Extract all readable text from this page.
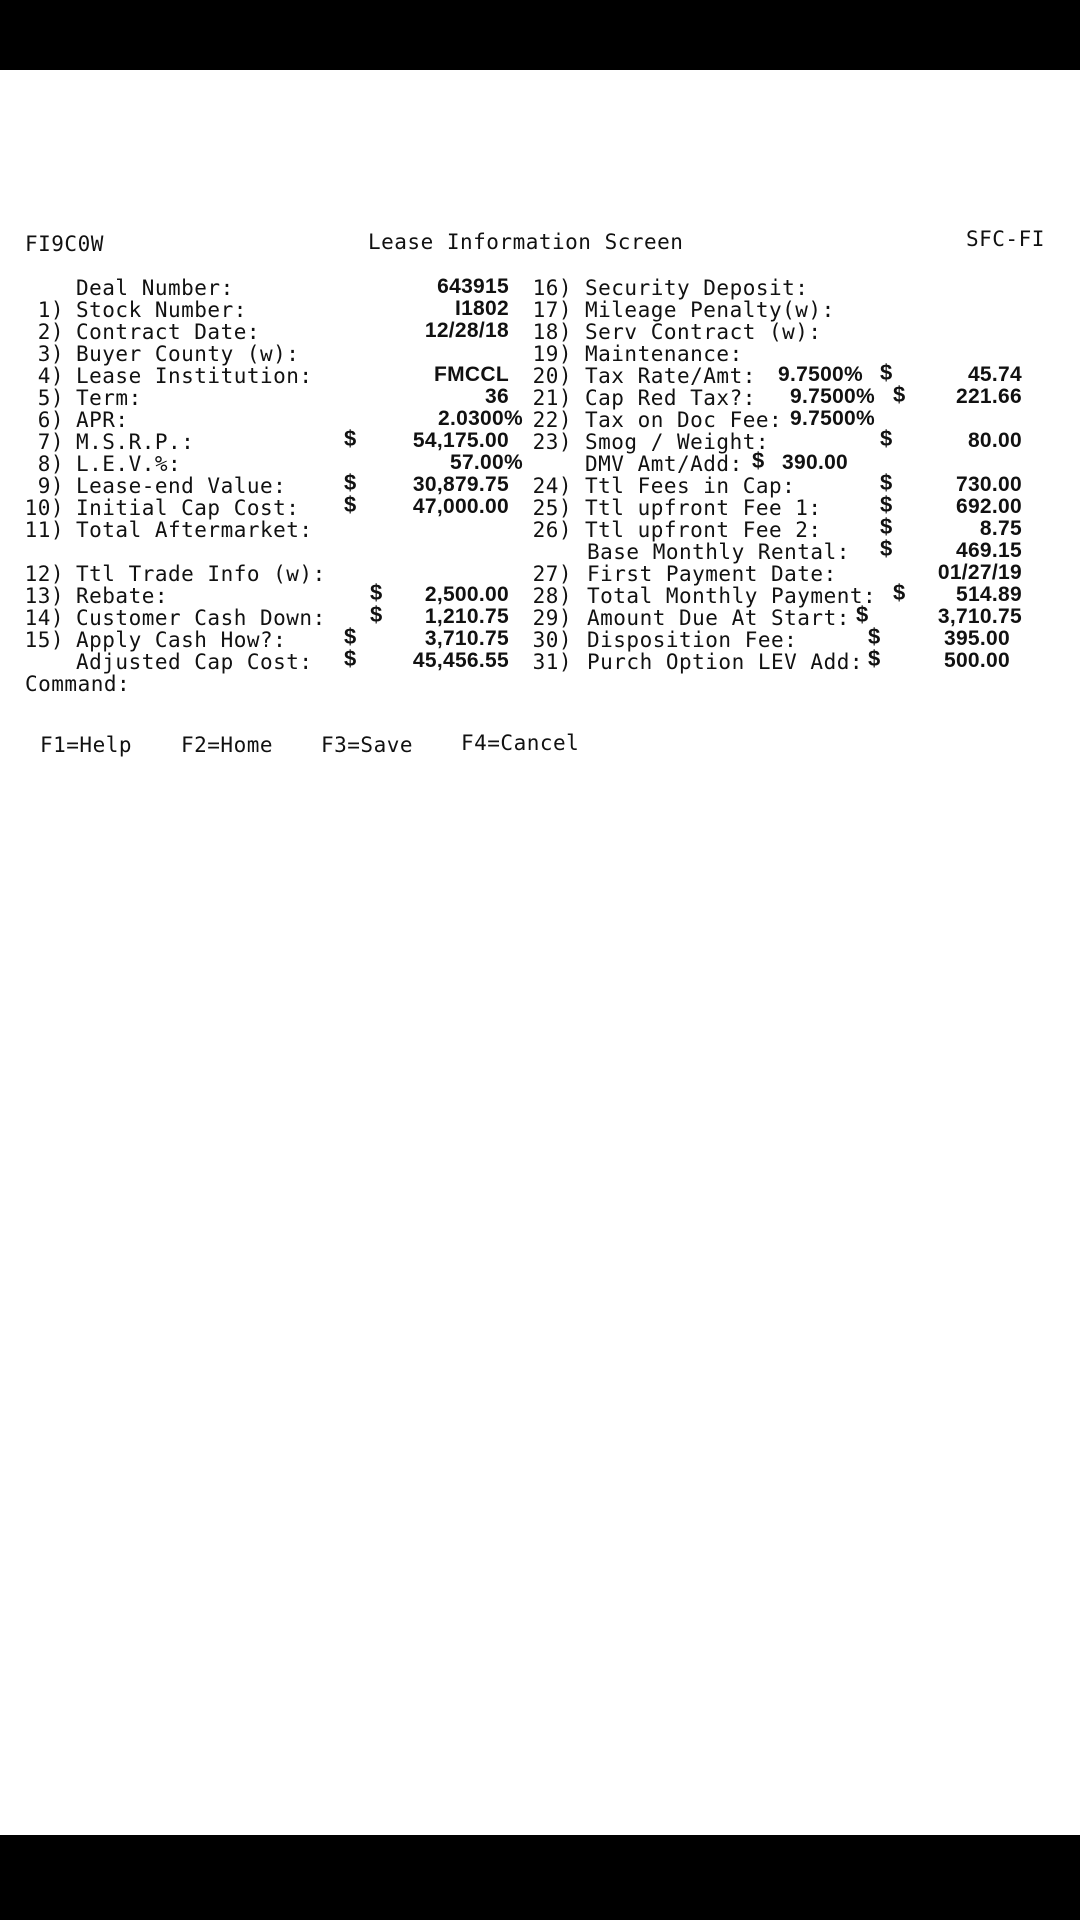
FI9C0W	Lease Information Screen	SFC-FI
Deal Number:	643915
1) Stock Number:	I1802
2) Contract Date:	12/28/18
3) Buyer County (w):
4) Lease Institution:	FMCCL
5) Term:	36
6) APR:	2.0300%
7) M.S.R.P.:	$	54,175.00
8) L.E.V.%:	57.00%
9) Lease-end Value:	$	30,879.75
10) Initial Cap Cost: $	47,000.00
11) Total Aftermarket:
12) Ttl Trade Info (w):
13) Rebate:	$	2,500.00
14) Customer Cash Down: $	1,210.75
15) Apply Cash How?:	$	3,710.75
Adjusted Cap Cost: $	45,456.55
Command:
16) Security Deposit:
17) Mileage Penalty(w):
18) Serv Contract (w):
19) Maintenance:
20) Tax Rate/Amt: 9.7500% $	45.74
21) Cap Red Tax?: 9.7500% $	221.66
22) Tax on Doc Fee: 9.7500%
23) Smog / Weight:	$	80.00
DMV Amt/Add: $ 390.00
24) Ttl Fees in Cap:	$	730.00
25) Ttl upfront Fee 1:	$	692.00
26) Ttl upfront Fee 2:	$	8.75
Base Monthly Rental: $	469.15
27) First Payment Date:	01/27/19
28) Total Monthly Payment: $	514.89
29) Amount Due At Start: $	3,710.75
30) Disposition Fee:	$	395.00
31) Purch Option LEV Add: $	500.00
F1=Help F2=Home F3=Save F4=Cancel
